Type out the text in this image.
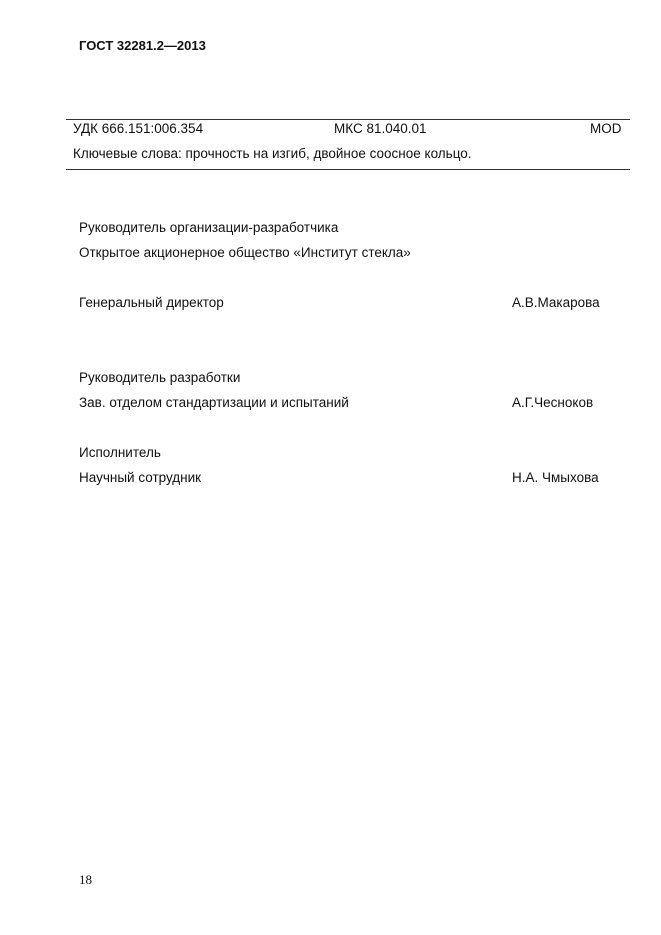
ГОСТ 32281.2—2013
УДК 666.151:006.354	МКС 81.040.01	MOD
Ключевые слова: прочность на изгиб, двойное соосное кольцо.
Руководитель организации-разработчика
Открытое акционерное общество «Институт стекла»
Генеральный директор	А.В.Макарова
Руководитель разработки
Зав. отделом стандартизации и испытаний	А.Г.Чесноков
Исполнитель
Научный сотрудник	Н.А. Чмыхова
18
